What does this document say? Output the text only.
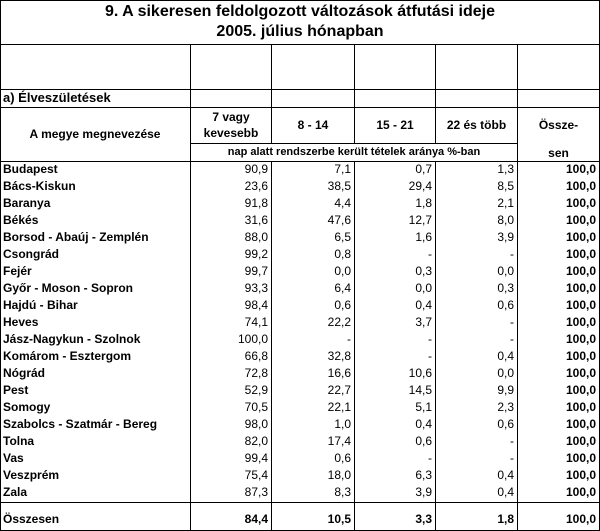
9. A sikeresen feldolgozott változások átfutási ideje
2005. július hónapban
a) Élveszületések
A megye megnevezése
7 vagy
kevesebb
8 - 14	15 - 21	22 és több	Össze-
sen
nap alatt rendszerbe került tételek aránya %-ban
Budapest	90,9	7,1	0,7	1,3	100,0
Bács-Kiskun	23,6	38,5	29,4	8,5	100,0
Baranya	91,8	4,4	1,8	2,1	100,0
Békés	31,6	47,6	12,7	8,0	100,0
Borsod - Abaúj - Zemplén	88,0	6,5	1,6	3,9	100,0
Csongrád	99,2	0,8	-	-	100,0
Fejér	99,7	0,0	0,3	0,0	100,0
Győr - Moson - Sopron	93,3	6,4	0,0	0,3	100,0
Hajdú - Bihar	98,4	0,6	0,4	0,6	100,0
Heves	74,1	22,2	3,7	-	100,0
Jász-Nagykun - Szolnok	100,0	-	-	-	100,0
Komárom - Esztergom	66,8	32,8	-	0,4	100,0
Nógrád	72,8	16,6	10,6	0,0	100,0
Pest	52,9	22,7	14,5	9,9	100,0
Somogy	70,5	22,1	5,1	2,3	100,0
Szabolcs - Szatmár - Bereg	98,0	1,0	0,4	0,6	100,0
Tolna	82,0	17,4	0,6	-	100,0
Vas	99,4	0,6	-	-	100,0
Veszprém	75,4	18,0	6,3	0,4	100,0
Zala	87,3	8,3	3,9	0,4	100,0
Összesen	84,4	10,5	3,3	1,8	100,0
